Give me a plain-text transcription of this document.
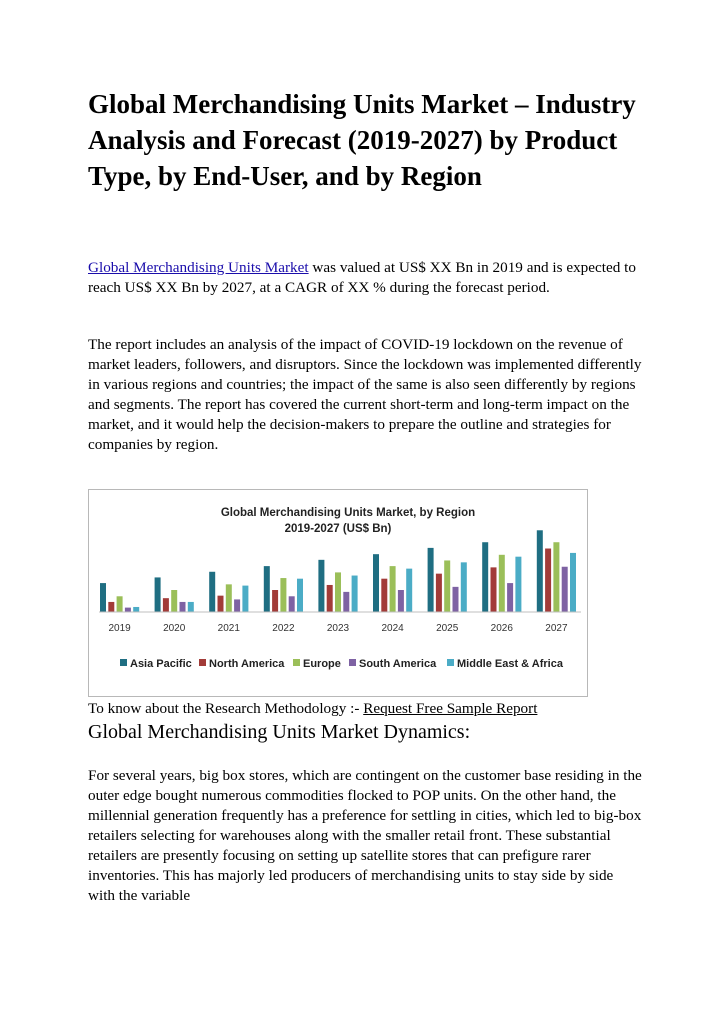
Global Merchandising Units Market – Industry Analysis and Forecast (2019-2027) by Product Type, by End-User, and by Region

Global Merchandising Units Market was valued at US$ XX Bn in 2019 and is expected to reach US$ XX Bn by 2027, at a CAGR of XX % during the forecast period.

The report includes an analysis of the impact of COVID-19 lockdown on the revenue of market leaders, followers, and disruptors. Since the lockdown was implemented differently in various regions and countries; the impact of the same is also seen differently by regions and segments. The report has covered the current short-term and long-term impact on the market, and it would help the decision-makers to prepare the outline and strategies for companies by region.

Global Merchandising Units Market, by Region
2019-2027 (US$ Bn)
2019	2020	2021	2022	2023	2024	2025	2026	2027
Asia Pacific North America Europe South America Middle East & Africa

To know about the Research Methodology :- Request Free Sample Report

Global Merchandising Units Market Dynamics:

For several years, big box stores, which are contingent on the customer base residing in the outer edge bought numerous commodities flocked to POP units. On the other hand, the millennial generation frequently has a preference for settling in cities, which led to big-box retailers selecting for warehouses along with the smaller retail front. These substantial retailers are presently focusing on setting up satellite stores that can prefigure rarer inventories. This has majorly led producers of merchandising units to stay side by side with the variable
